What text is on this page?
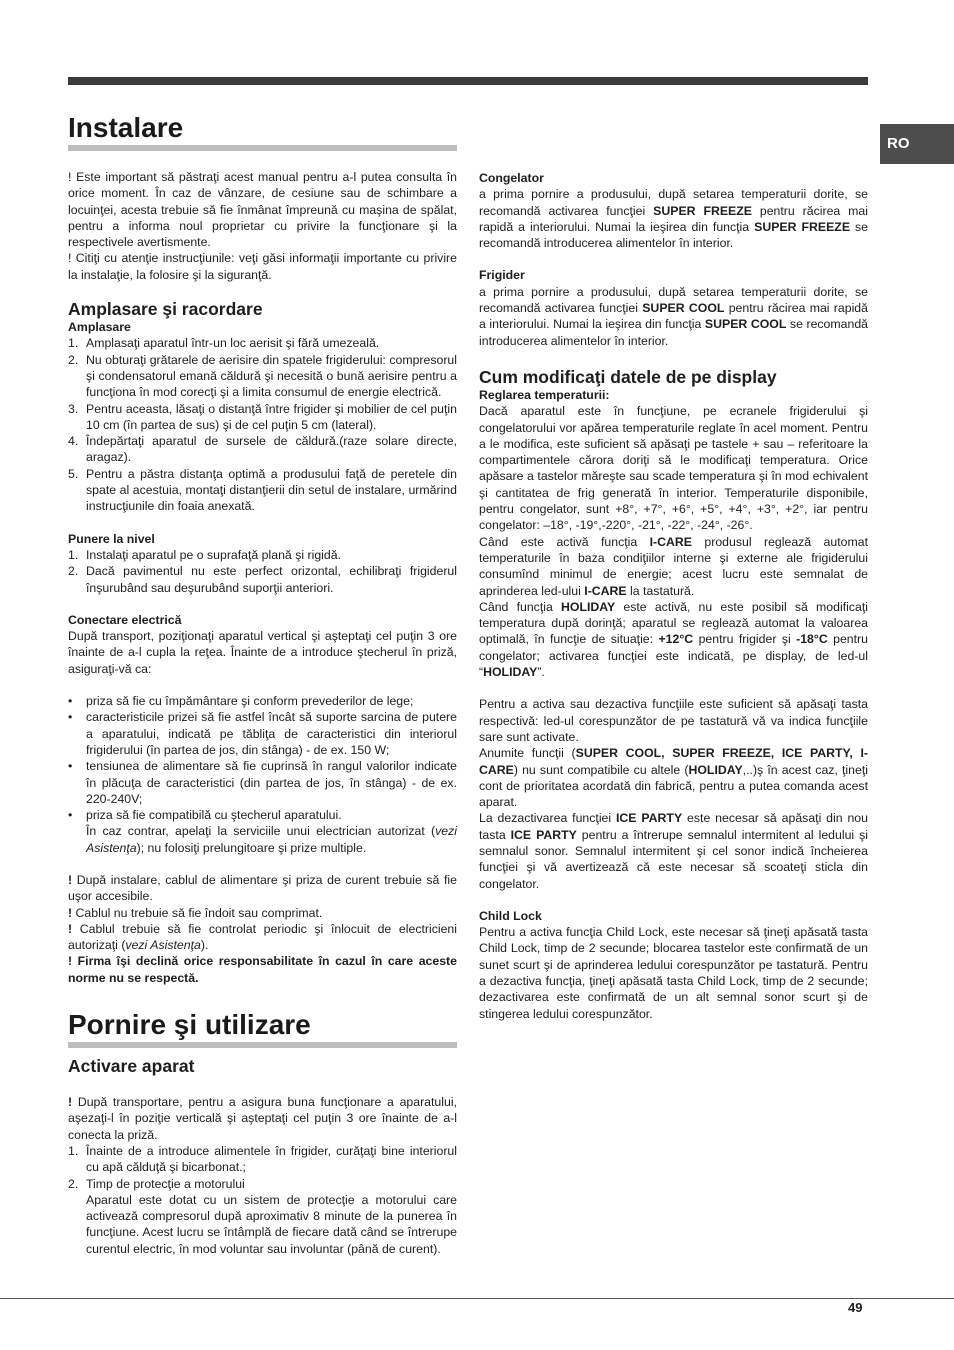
RO
Instalare

! Este important să păstraţi acest manual pentru a-l putea consulta în orice moment. În caz de vânzare, de cesiune sau de schimbare a locuinţei, acesta trebuie să fie înmânat împreună cu maşina de spălat, pentru a informa noul proprietar cu privire la funcţionare şi la respectivele avertismente.

! Citiţi cu atenţie instrucţiunile: veţi găsi informaţii importante cu privire la instalaţie, la folosire şi la siguranţă.

Amplasare şi racordare
Amplasare
1. Amplasaţi aparatul într-un loc aerisit şi fără umezeală.
2. Nu obturaţi grătarele de aerisire din spatele frigiderului: compresorul şi condensatorul emană căldură şi necesită o bună aerisire pentru a funcţiona în mod corecţi şi a limita consumul de energie electrică.
3. Pentru aceasta, lăsaţi o distanţă între frigider şi mobilier de cel puţin 10 cm (în partea de sus) şi de cel puţin 5 cm (lateral).
4. Îndepărtaţi aparatul de sursele de căldură.(raze solare directe, aragaz).
5. Pentru a păstra distanţa optimă a produsului faţă de peretele din spate al acestuia, montaţi distanţierii din setul de instalare, urmărind instrucţiunile din foaia anexată.
Punere la nivel
1. Instalaţi aparatul pe o suprafaţă plană şi rigidă.
2. Dacă pavimentul nu este perfect orizontal, echilibraţi frigiderul înşurubând sau deşurubând suporţii anteriori.
Conectare electrică

După transport, poziţionaţi aparatul vertical şi aşteptaţi cel puţin 3 ore înainte de a-l cupla la reţea. Înainte de a introduce ştecherul în priză, asiguraţi-vă ca:

• priza să fie cu împământare şi conform prevederilor de lege;
• caracteristicile prizei să fie astfel încât să suporte sarcina de putere a aparatului, indicată pe tăbliţa de caracteristici din interiorul frigiderului (în partea de jos, din stânga) - de ex. 150 W;
• tensiunea de alimentare să fie cuprinsă în rangul valorilor indicate în plăcuţa de caracteristici (din partea de jos, în stânga) - de ex. 220-240V;
• priza să fie compatibilă cu ştecherul aparatului.
În caz contrar, apelaţi la serviciile unui electrician autorizat (vezi Asistenţa); nu folosiţi prelungitoare şi prize multiple.

! După instalare, cablul de alimentare şi priza de curent trebuie să fie uşor accesibile.

! Cablul nu trebuie să fie îndoit sau comprimat.

! Cablul trebuie să fie controlat periodic şi înlocuit de electricieni autorizaţi (vezi Asistenţa).

! Firma îşi declină orice responsabilitate în cazul în care aceste norme nu se respectă.

Pornire şi utilizare
Activare aparat

! După transportare, pentru a asigura buna funcţionare a aparatului, aşezaţi-l în poziţie verticală şi aşteptaţi cel puţin 3 ore înainte de a-l conecta la priză.

1. Înainte de a introduce alimentele în frigider, curăţaţi bine interiorul cu apă călduţă şi bicarbonat.;
2. Timp de protecţie a motorului
Aparatul este dotat cu un sistem de protecţie a motorului care activează compresorul după aproximativ 8 minute de la punerea în funcţiune. Acest lucru se întâmplă de fiecare dată când se întrerupe curentul electric, în mod voluntar sau involuntar (până de curent).
Congelator

a prima pornire a produsului, după setarea temperaturii dorite, se recomandă activarea funcţiei SUPER FREEZE pentru răcirea mai rapidă a interiorului. Numai la ieşirea din funcţia SUPER FREEZE se recomandă introducerea alimentelor în interior.

Frigider

a prima pornire a produsului, după setarea temperaturii dorite, se recomandă activarea funcţiei SUPER COOL pentru răcirea mai rapidă a interiorului. Numai la ieşirea din funcţia SUPER COOL se recomandă introducerea alimentelor în interior.

Cum modificaţi datele de pe display
Reglarea temperaturii:

Dacă aparatul este în funcţiune, pe ecranele frigiderului şi congelatorului vor apărea temperaturile reglate în acel moment. Pentru a le modifica, este suficient să apăsaţi pe tastele + sau – referitoare la compartimentele cărora doriţi să le modificaţi temperatura. Orice apăsare a tastelor măreşte sau scade temperatura şi în mod echivalent şi cantitatea de frig generată în interior. Temperaturile disponibile, pentru congelator, sunt +8°, +7°, +6°, +5°, +4°, +3°, +2°, iar pentru congelator: –18°, -19°,-220°, -21°, -22°, -24°, -26°.

Când este activă funcţia I-CARE produsul reglează automat temperaturile în baza condiţiilor interne şi externe ale frigiderului consumînd minimul de energie; acest lucru este semnalat de aprinderea led-ului I-CARE la tastatură.

Când funcţia HOLIDAY este activă, nu este posibil să modificaţi temperatura după dorinţă; aparatul se reglează automat la valoarea optimală, în funcţie de situaţie: +12°C pentru frigider şi -18°C pentru congelator; activarea funcţiei este indicată, pe display, de led-ul “HOLIDAY”.

Pentru a activa sau dezactiva funcţiile este suficient să apăsaţi tasta respectivă: led-ul corespunzător de pe tastatură vă va indica funcţiile sare sunt activate.

Anumite funcţii (SUPER COOL, SUPER FREEZE, ICE PARTY, I-CARE) nu sunt compatibile cu altele (HOLIDAY,..)ş în acest caz, ţineţi cont de prioritatea acordată din fabrică, pentru a putea comanda acest aparat.

La dezactivarea funcţiei ICE PARTY este necesar să apăsaţi din nou tasta ICE PARTY pentru a întrerupe semnalul intermitent al ledului şi semnalul sonor. Semnalul intermitent şi cel sonor indică încheierea funcţiei şi vă avertizează că este necesar să scoateţi sticla din congelator.

Child Lock

Pentru a activa funcţia Child Lock, este necesar să ţineţi apăsată tasta Child Lock, timp de 2 secunde; blocarea tastelor este confirmată de un sunet scurt şi de aprinderea ledului corespunzător pe tastatură. Pentru a dezactiva funcţia, ţineţi apăsată tasta Child Lock, timp de 2 secunde; dezactivarea este confirmată de un alt semnal sonor scurt şi de stingerea ledului corespunzător.

49
